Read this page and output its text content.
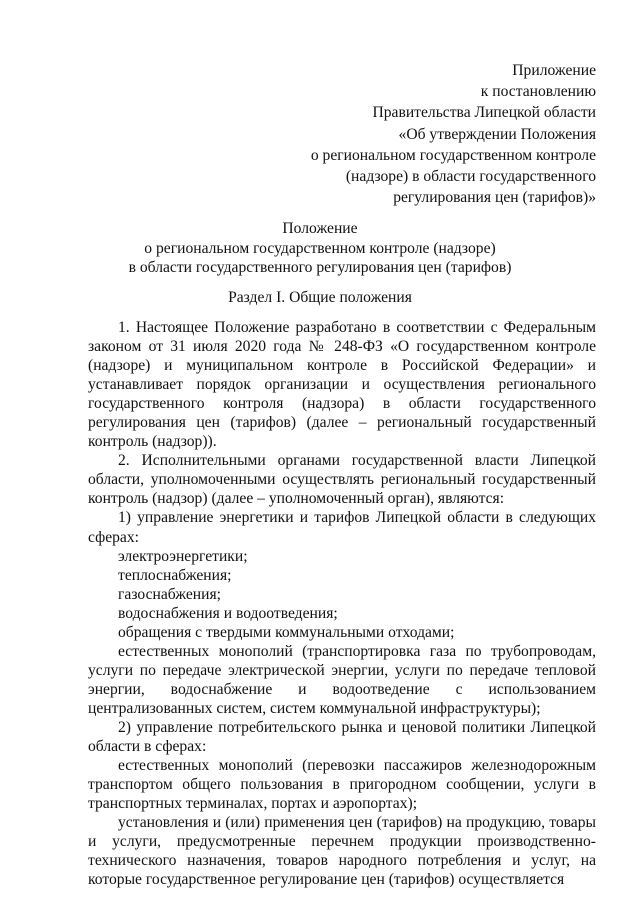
Приложение
к постановлению
Правительства Липецкой области
«Об утверждении Положения
о региональном государственном контроле
(надзоре) в области государственного
регулирования цен (тарифов)»
Положение
о региональном государственном контроле (надзоре)
в области государственного регулирования цен (тарифов)
Раздел I. Общие положения

1. Настоящее Положение разработано в соответствии с Федеральным законом от 31 июля 2020 года № 248-ФЗ «О государственном контроле (надзоре) и муниципальном контроле в Российской Федерации» и устанавливает порядок организации и осуществления регионального государственного контроля (надзора) в области государственного регулирования цен (тарифов) (далее – региональный государственный контроль (надзор)).

2. Исполнительными органами государственной власти Липецкой области, уполномоченными осуществлять региональный государственный контроль (надзор) (далее – уполномоченный орган), являются:

1) управление энергетики и тарифов Липецкой области в следующих сферах:

электроэнергетики;

теплоснабжения;

газоснабжения;

водоснабжения и водоотведения;

обращения с твердыми коммунальными отходами;

естественных монополий (транспортировка газа по трубопроводам, услуги по передаче электрической энергии, услуги по передаче тепловой энергии, водоснабжение и водоотведение с использованием централизованных систем, систем коммунальной инфраструктуры);

2) управление потребительского рынка и ценовой политики Липецкой области в сферах:

естественных монополий (перевозки пассажиров железнодорожным транспортом общего пользования в пригородном сообщении, услуги в транспортных терминалах, портах и аэропортах);

установления и (или) применения цен (тарифов) на продукцию, товары и услуги, предусмотренные перечнем продукции производственно-технического назначения, товаров народного потребления и услуг, на которые государственное регулирование цен (тарифов) осуществляется
